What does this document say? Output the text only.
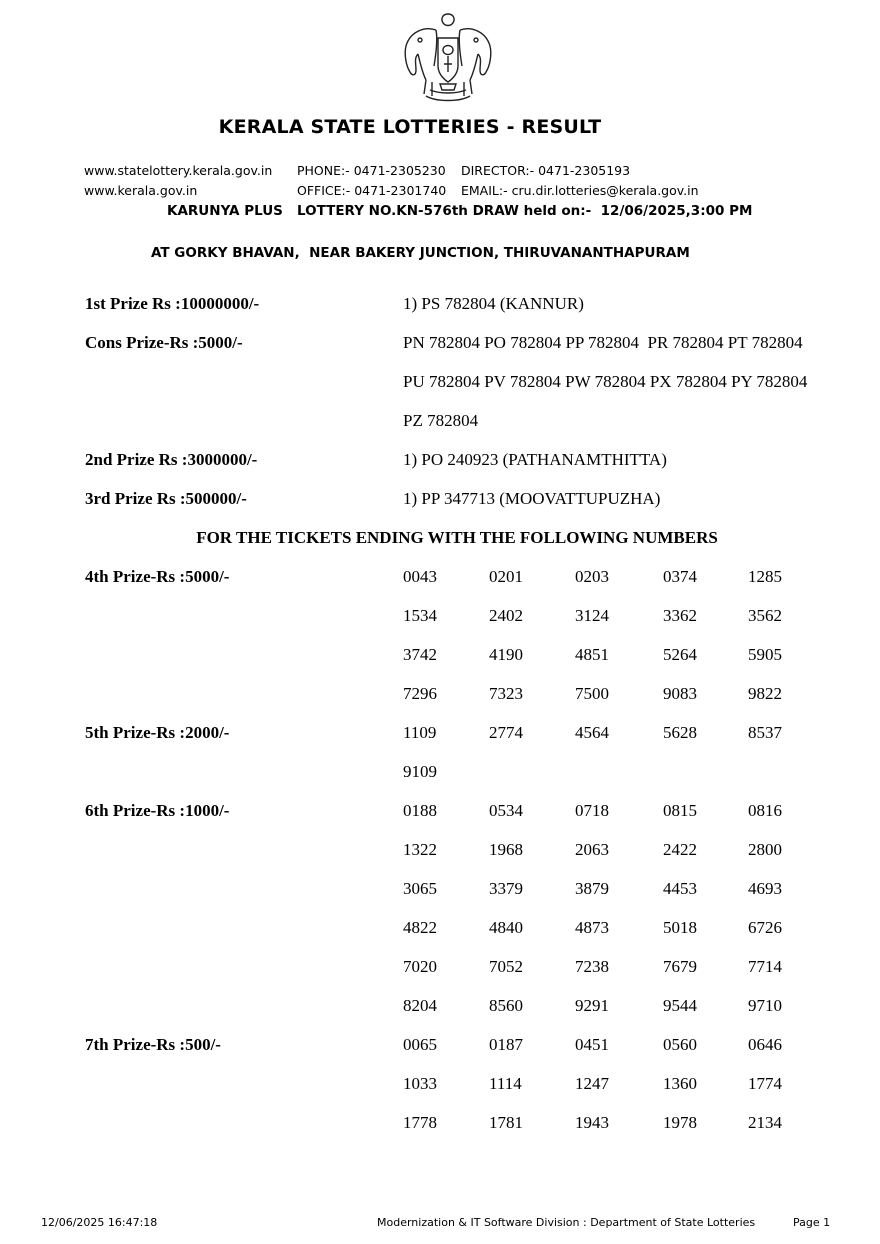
KERALA STATE LOTTERIES - RESULT
www.statelottery.kerala.gov.in
www.kerala.gov.in
PHONE:- 0471-2305230
OFFICE:- 0471-2301740
DIRECTOR:- 0471-2305193
EMAIL:- cru.dir.lotteries@kerala.gov.in
KARUNYA PLUS   LOTTERY NO.KN-576th DRAW held on:-  12/06/2025,3:00 PM
AT GORKY BHAVAN,  NEAR BAKERY JUNCTION, THIRUVANANTHAPURAM
1st Prize Rs :10000000/-	1) PS 782804 (KANNUR)
Cons Prize-Rs :5000/-	PN 782804 PO 782804 PP 782804  PR 782804 PT 782804
PU 782804 PV 782804 PW 782804 PX 782804 PY 782804
PZ 782804
2nd Prize Rs :3000000/-	1) PO 240923 (PATHANAMTHITTA)
3rd Prize Rs :500000/-	1) PP 347713 (MOOVATTUPUZHA)
FOR THE TICKETS ENDING WITH THE FOLLOWING NUMBERS
4th Prize-Rs :5000/-	0043	0201	0203	0374	1285
1534	2402	3124	3362	3562
3742	4190	4851	5264	5905
7296	7323	7500	9083	9822
5th Prize-Rs :2000/-	1109	2774	4564	5628	8537
9109
6th Prize-Rs :1000/-	0188	0534	0718	0815	0816
1322	1968	2063	2422	2800
3065	3379	3879	4453	4693
4822	4840	4873	5018	6726
7020	7052	7238	7679	7714
8204	8560	9291	9544	9710
7th Prize-Rs :500/-	0065	0187	0451	0560	0646
1033	1114	1247	1360	1774
1778	1781	1943	1978	2134
12/06/2025 16:47:18	Modernization & IT Software Division : Department of State Lotteries	Page 1
